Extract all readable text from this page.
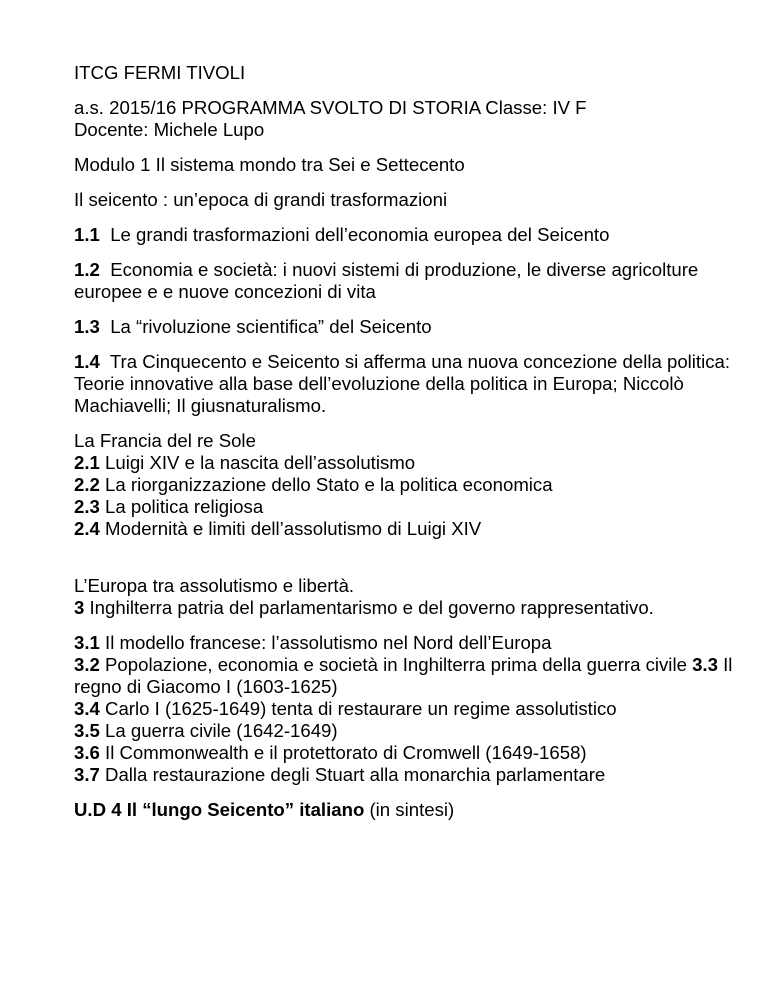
ITCG FERMI TIVOLI

a.s. 2015/16 PROGRAMMA SVOLTO DI STORIA Classe: IV F

Docente: Michele Lupo

Modulo 1 Il sistema mondo tra Sei e Settecento

Il seicento : un’epoca di grandi trasformazioni

1.1  Le grandi trasformazioni dell’economia europea del Seicento

1.2  Economia e società: i nuovi sistemi di produzione, le diverse agricolture europee e e nuove concezioni di vita

1.3  La “rivoluzione scientifica” del Seicento

1.4  Tra Cinquecento e Seicento si afferma una nuova concezione della politica: Teorie innovative alla base dell’evoluzione della politica in Europa; Niccolò Machiavelli; Il giusnaturalismo.

La Francia del re Sole

2.1 Luigi XIV e la nascita dell’assolutismo

2.2 La riorganizzazione dello Stato e la politica economica

2.3 La politica religiosa

2.4 Modernità e limiti dell’assolutismo di Luigi XIV

L’Europa tra assolutismo e libertà.

3 Inghilterra patria del parlamentarismo e del governo rappresentativo.

3.1 Il modello francese: l’assolutismo nel Nord dell’Europa

3.2 Popolazione, economia e società in Inghilterra prima della guerra civile 3.3 Il regno di Giacomo I (1603-1625)

3.4 Carlo I (1625-1649) tenta di restaurare un regime assolutistico

3.5 La guerra civile (1642-1649)

3.6 Il Commonwealth e il protettorato di Cromwell (1649-1658)

3.7 Dalla restaurazione degli Stuart alla monarchia parlamentare

U.D 4 Il “lungo Seicento” italiano (in sintesi)
